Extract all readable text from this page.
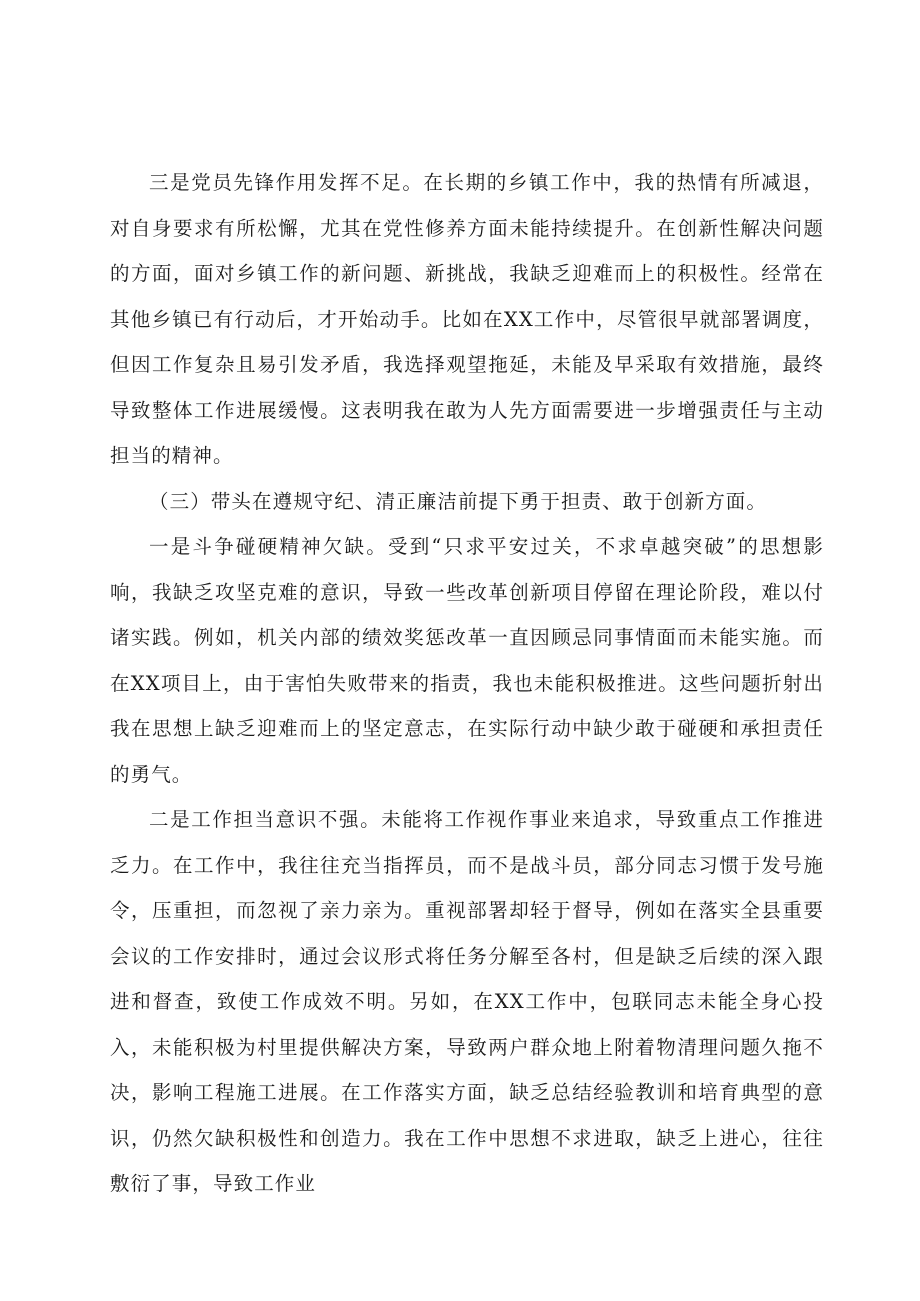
三是党员先锋作用发挥不足。在长期的乡镇工作中，我的热情有所减退，对自身要求有所松懈，尤其在党性修养方面未能持续提升。在创新性解决问题的方面，面对乡镇工作的新问题、新挑战，我缺乏迎难而上的积极性。经常在其他乡镇已有行动后，才开始动手。比如在XX工作中，尽管很早就部署调度，但因工作复杂且易引发矛盾，我选择观望拖延，未能及早采取有效措施，最终导致整体工作进展缓慢。这表明我在敢为人先方面需要进一步增强责任与主动担当的精神。

（三）带头在遵规守纪、清正廉洁前提下勇于担责、敢于创新方面。

一是斗争碰硬精神欠缺。受到“只求平安过关，不求卓越突破”的思想影响，我缺乏攻坚克难的意识，导致一些改革创新项目停留在理论阶段，难以付诸实践。例如，机关内部的绩效奖惩改革一直因顾忌同事情面而未能实施。而在XX项目上，由于害怕失败带来的指责，我也未能积极推进。这些问题折射出我在思想上缺乏迎难而上的坚定意志，在实际行动中缺少敢于碰硬和承担责任的勇气。

二是工作担当意识不强。未能将工作视作事业来追求，导致重点工作推进乏力。在工作中，我往往充当指挥员，而不是战斗员，部分同志习惯于发号施令，压重担，而忽视了亲力亲为。重视部署却轻于督导，例如在落实全县重要会议的工作安排时，通过会议形式将任务分解至各村，但是缺乏后续的深入跟进和督查，致使工作成效不明。另如，在XX工作中，包联同志未能全身心投入，未能积极为村里提供解决方案，导致两户群众地上附着物清理问题久拖不决，影响工程施工进展。在工作落实方面，缺乏总结经验教训和培育典型的意识，仍然欠缺积极性和创造力。我在工作中思想不求进取，缺乏上进心，往往敷衍了事，导致工作业
